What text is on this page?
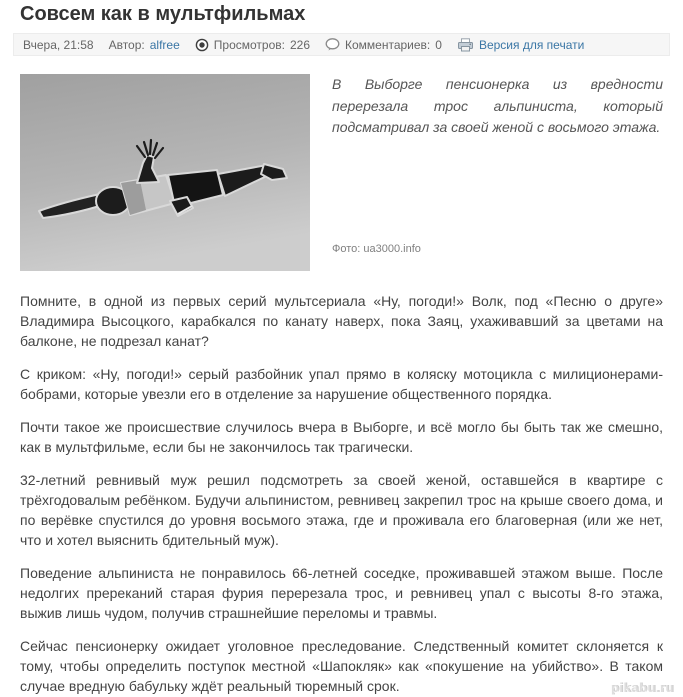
Совсем как в мультфильмах
Вчера, 21:58 Автор: alfree	Просмотров: 226	Комментариев: 0	Версия для печати

В Выборге пенсионерка из вредности перерезала трос альпиниста, который подсматривал за своей женой с восьмого этажа.

Фото: ua3000.info

Помните, в одной из первых серий мультсериала «Ну, погоди!» Волк, под «Песню о друге» Владимира Высоцкого, карабкался по канату наверх, пока Заяц, ухаживавший за цветами на балконе, не подрезал канат?

С криком: «Ну, погоди!» серый разбойник упал прямо в коляску мотоцикла с милиционерами-бобрами, которые увезли его в отделение за нарушение общественного порядка.

Почти такое же происшествие случилось вчера в Выборге, и всё могло бы быть так же смешно, как в мультфильме, если бы не закончилось так трагически.

32-летний ревнивый муж решил подсмотреть за своей женой, оставшейся в квартире с трёхгодовалым ребёнком. Будучи альпинистом, ревнивец закрепил трос на крыше своего дома, и по верёвке спустился до уровня восьмого этажа, где и проживала его благоверная (или же нет, что и хотел выяснить бдительный муж).

Поведение альпиниста не понравилось 66-летней соседке, проживавшей этажом выше. После недолгих пререканий старая фурия перерезала трос, и ревнивец упал с высоты 8-го этажа, выжив лишь чудом, получив страшнейшие переломы и травмы.

Сейчас пенсионерку ожидает уголовное преследование. Следственный комитет склоняется к тому, чтобы определить поступок местной «Шапокляк» как «покушение на убийство». В таком случае вредную бабульку ждёт реальный тюремный срок.	pikabu.ru
